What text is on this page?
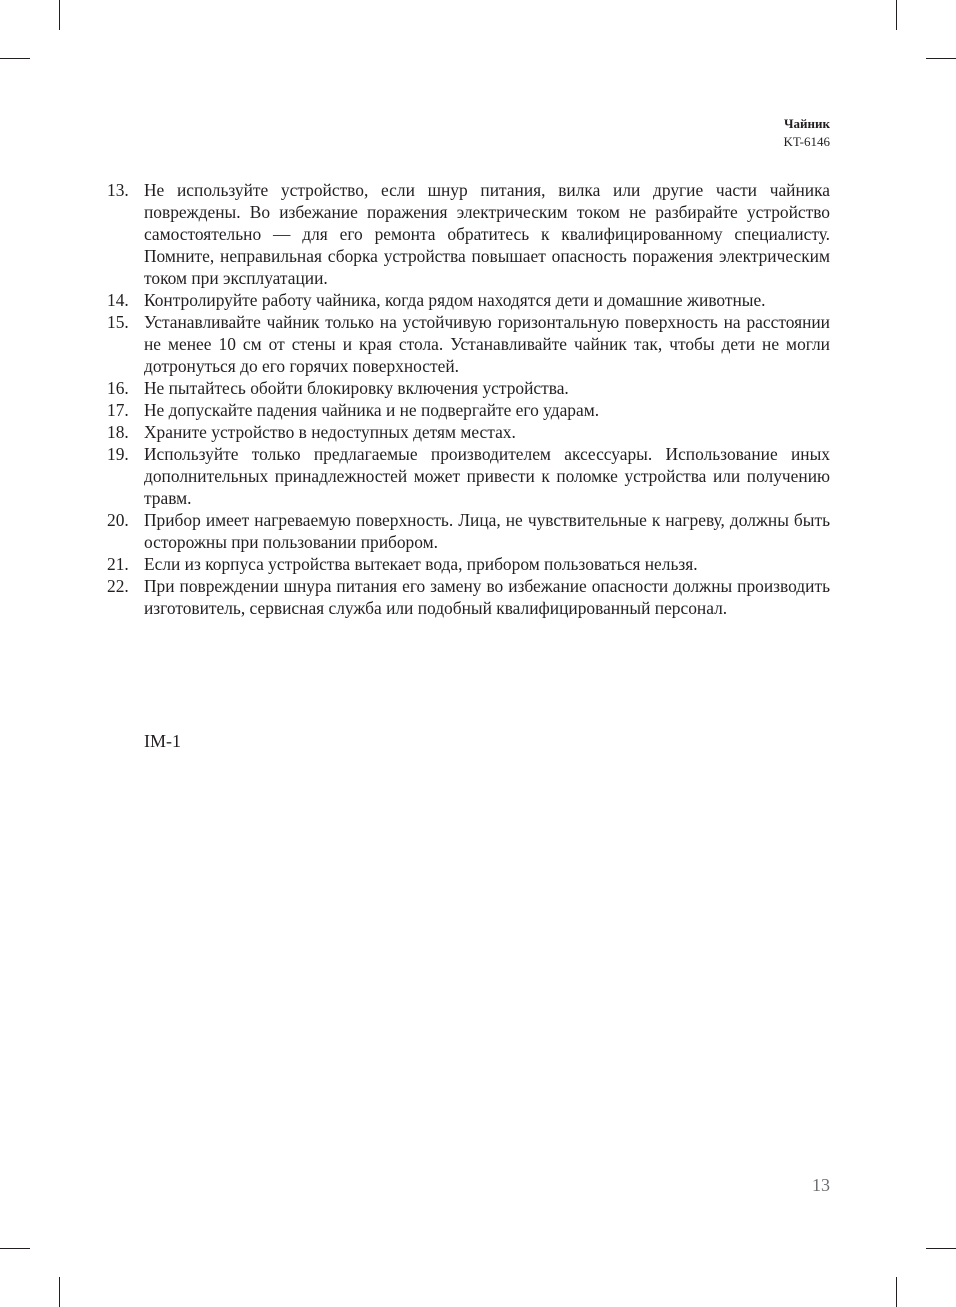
Чайник
KT-6146
13. Не используйте устройство, если шнур питания, вилка или другие части чайника повреждены. Во избежание поражения электрическим током не разбирайте устройство самостоятельно — для его ремонта обратитесь к квалифицированному специалисту. Помните, неправильная сборка устройства повышает опасность поражения электрическим током при эксплуатации.
14. Контролируйте работу чайника, когда рядом находятся дети и домашние животные.
15. Устанавливайте чайник только на устойчивую горизонтальную поверхность на расстоянии не менее 10 см от стены и края стола. Устанавливайте чайник так, чтобы дети не могли дотронуться до его горячих поверхностей.
16. Не пытайтесь обойти блокировку включения устройства.
17. Не допускайте падения чайника и не подвергайте его ударам.
18. Храните устройство в недоступных детям местах.
19. Используйте только предлагаемые производителем аксессуары. Использование иных дополнительных принадлежностей может привести к поломке устройства или получению травм.
20. Прибор имеет нагреваемую поверхность. Лица, не чувствительные к нагреву, должны быть осторожны при пользовании прибором.
21. Если из корпуса устройства вытекает вода, прибором пользоваться нельзя.
22. При повреждении шнура питания его замену во избежание опасности должны производить изготовитель, сервисная служба или подобный квалифицированный персонал.
IM-1
13
